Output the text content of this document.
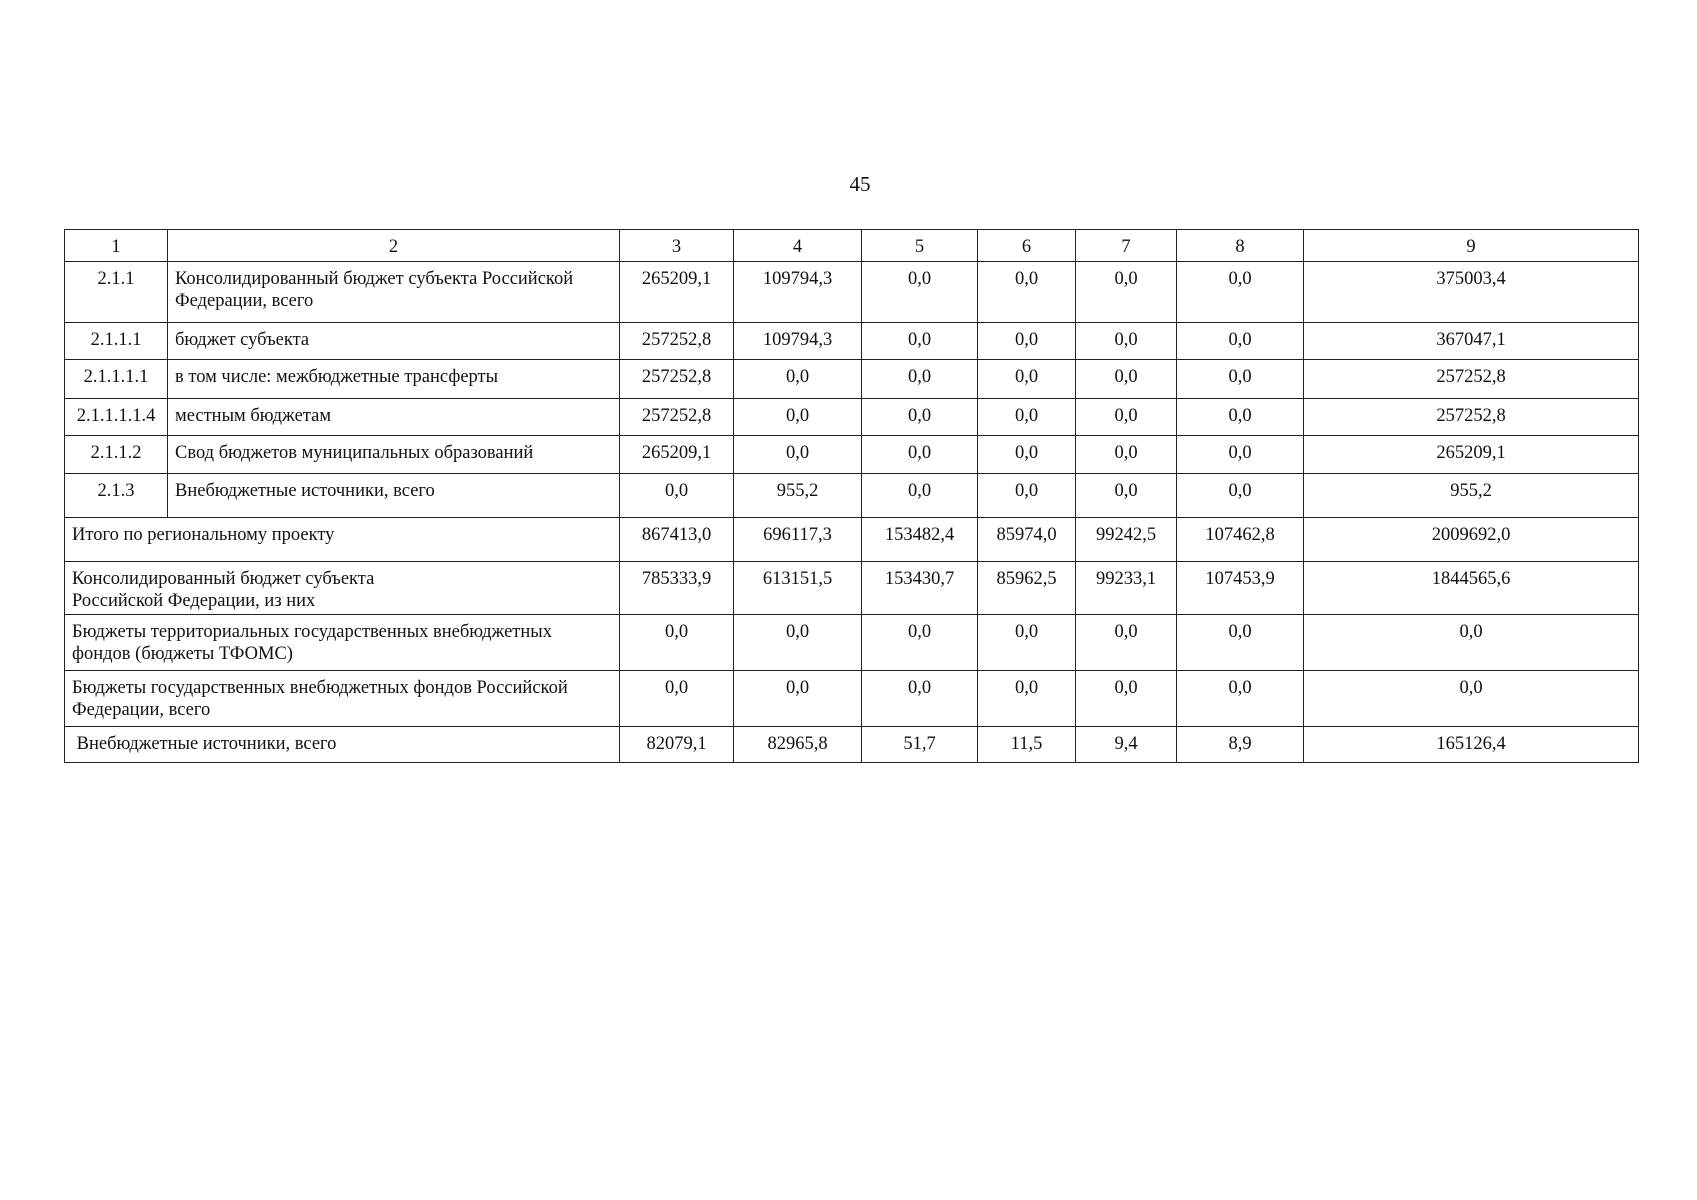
45
1	2	3	4	5	6	7	8	9
2.1.1	Консолидированный бюджет субъекта Российской Федерации, всего	265209,1	109794,3	0,0	0,0	0,0	0,0	375003,4
2.1.1.1	бюджет субъекта	257252,8	109794,3	0,0	0,0	0,0	0,0	367047,1
2.1.1.1.1	в том числе: межбюджетные трансферты	257252,8	0,0	0,0	0,0	0,0	0,0	257252,8
2.1.1.1.1.4	местным бюджетам	257252,8	0,0	0,0	0,0	0,0	0,0	257252,8
2.1.1.2	Свод бюджетов муниципальных образований	265209,1	0,0	0,0	0,0	0,0	0,0	265209,1
2.1.3	Внебюджетные источники, всего	0,0	955,2	0,0	0,0	0,0	0,0	955,2
Итого по региональному проекту		867413,0	696117,3	153482,4	85974,0	99242,5	107462,8	2009692,0
Консолидированный бюджет субъекта
Российской Федерации, из них		785333,9	613151,5	153430,7	85962,5	99233,1	107453,9	1844565,6
Бюджеты территориальных государственных внебюджетных фондов (бюджеты ТФОМС)		0,0	0,0	0,0	0,0	0,0	0,0	0,0
Бюджеты государственных внебюджетных фондов Российской Федерации, всего		0,0	0,0	0,0	0,0	0,0	0,0	0,0
Внебюджетные источники, всего		82079,1	82965,8	51,7	11,5	9,4	8,9	165126,4
